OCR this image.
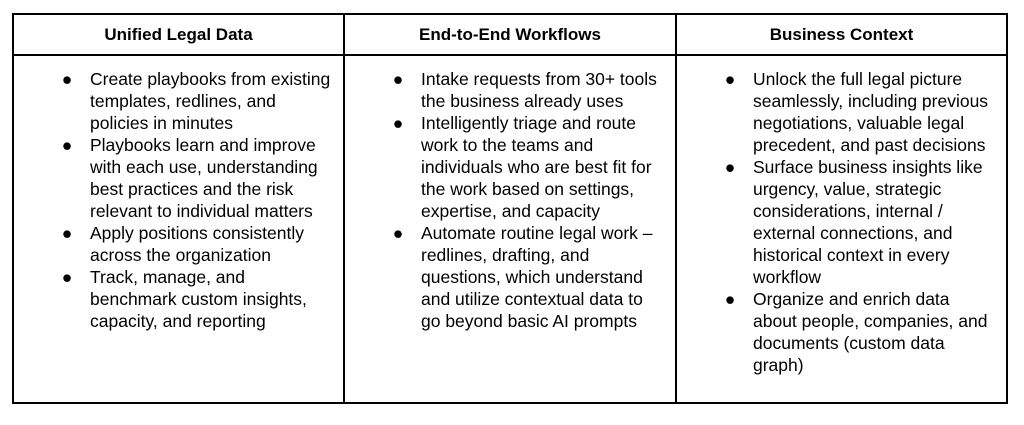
Unified Legal Data	End-to-End Workflows	Business Context
● Create playbooks from existing templates, redlines, and policies in minutes
● Playbooks learn and improve with each use, understanding best practices and the risk relevant to individual matters
● Apply positions consistently across the organization
● Track, manage, and benchmark custom insights, capacity, and reporting
● Intake requests from 30+ tools the business already uses
● Intelligently triage and route work to the teams and individuals who are best fit for the work based on settings, expertise, and capacity
● Automate routine legal work – redlines, drafting, and questions, which understand and utilize contextual data to go beyond basic AI prompts
● Unlock the full legal picture seamlessly, including previous negotiations, valuable legal precedent, and past decisions
● Surface business insights like urgency, value, strategic considerations, internal / external connections, and historical context in every workflow
● Organize and enrich data about people, companies, and documents (custom data graph)
